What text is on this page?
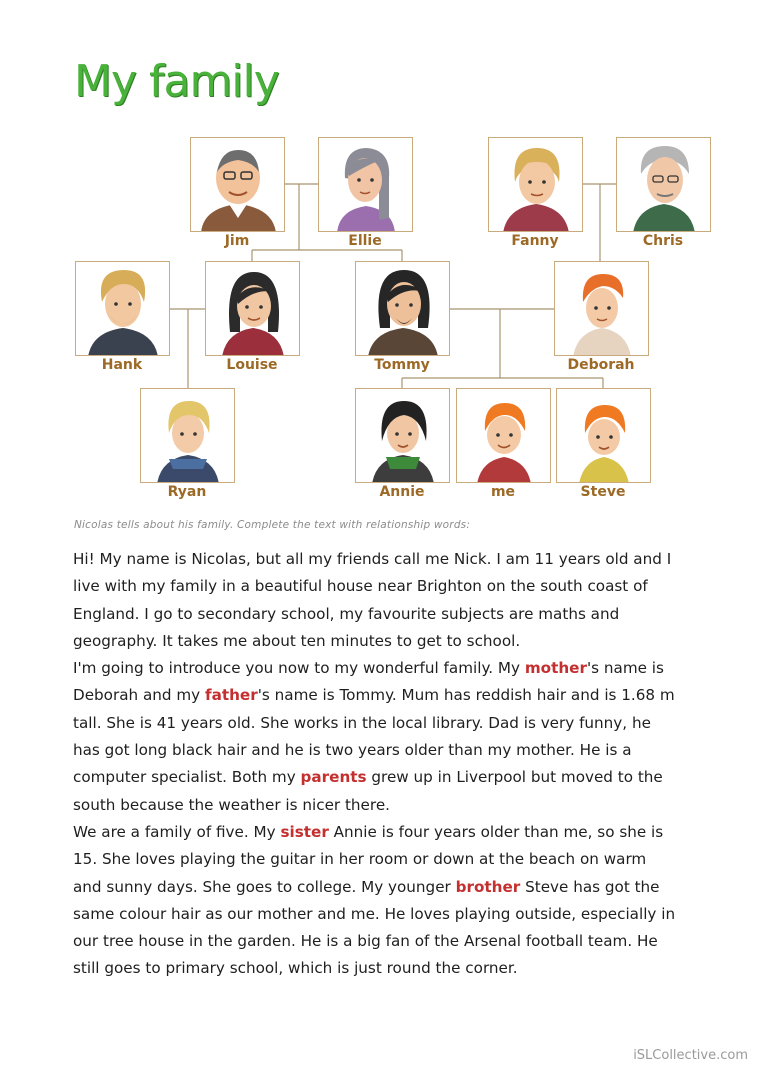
My family
Jim	Ellie	Fanny	Chris
Hank	Louise	Tommy	Deborah
Ryan	Annie	me	Steve
Nicolas tells about his family. Complete the text with relationship words:
Hi! My name is Nicolas, but all my friends call me Nick. I am 11 years old and I
live with my family in a beautiful house near Brighton on the south coast of
England. I go to secondary school, my favourite subjects are maths and
geography. It takes me about ten minutes to get to school.
I'm going to introduce you now to my wonderful family. My mother's name is
Deborah and my father's name is Tommy. Mum has reddish hair and is 1.68 m
tall. She is 41 years old. She works in the local library. Dad is very funny, he
has got long black hair and he is two years older than my mother. He is a
computer specialist. Both my parents grew up in Liverpool but moved to the
south because the weather is nicer there.
We are a family of five. My sister Annie is four years older than me, so she is
15. She loves playing the guitar in her room or down at the beach on warm
and sunny days. She goes to college. My younger brother Steve has got the
same colour hair as our mother and me. He loves playing outside, especially in
our tree house in the garden. He is a big fan of the Arsenal football team. He
still goes to primary school, which is just round the corner.
iSLCollective.com
